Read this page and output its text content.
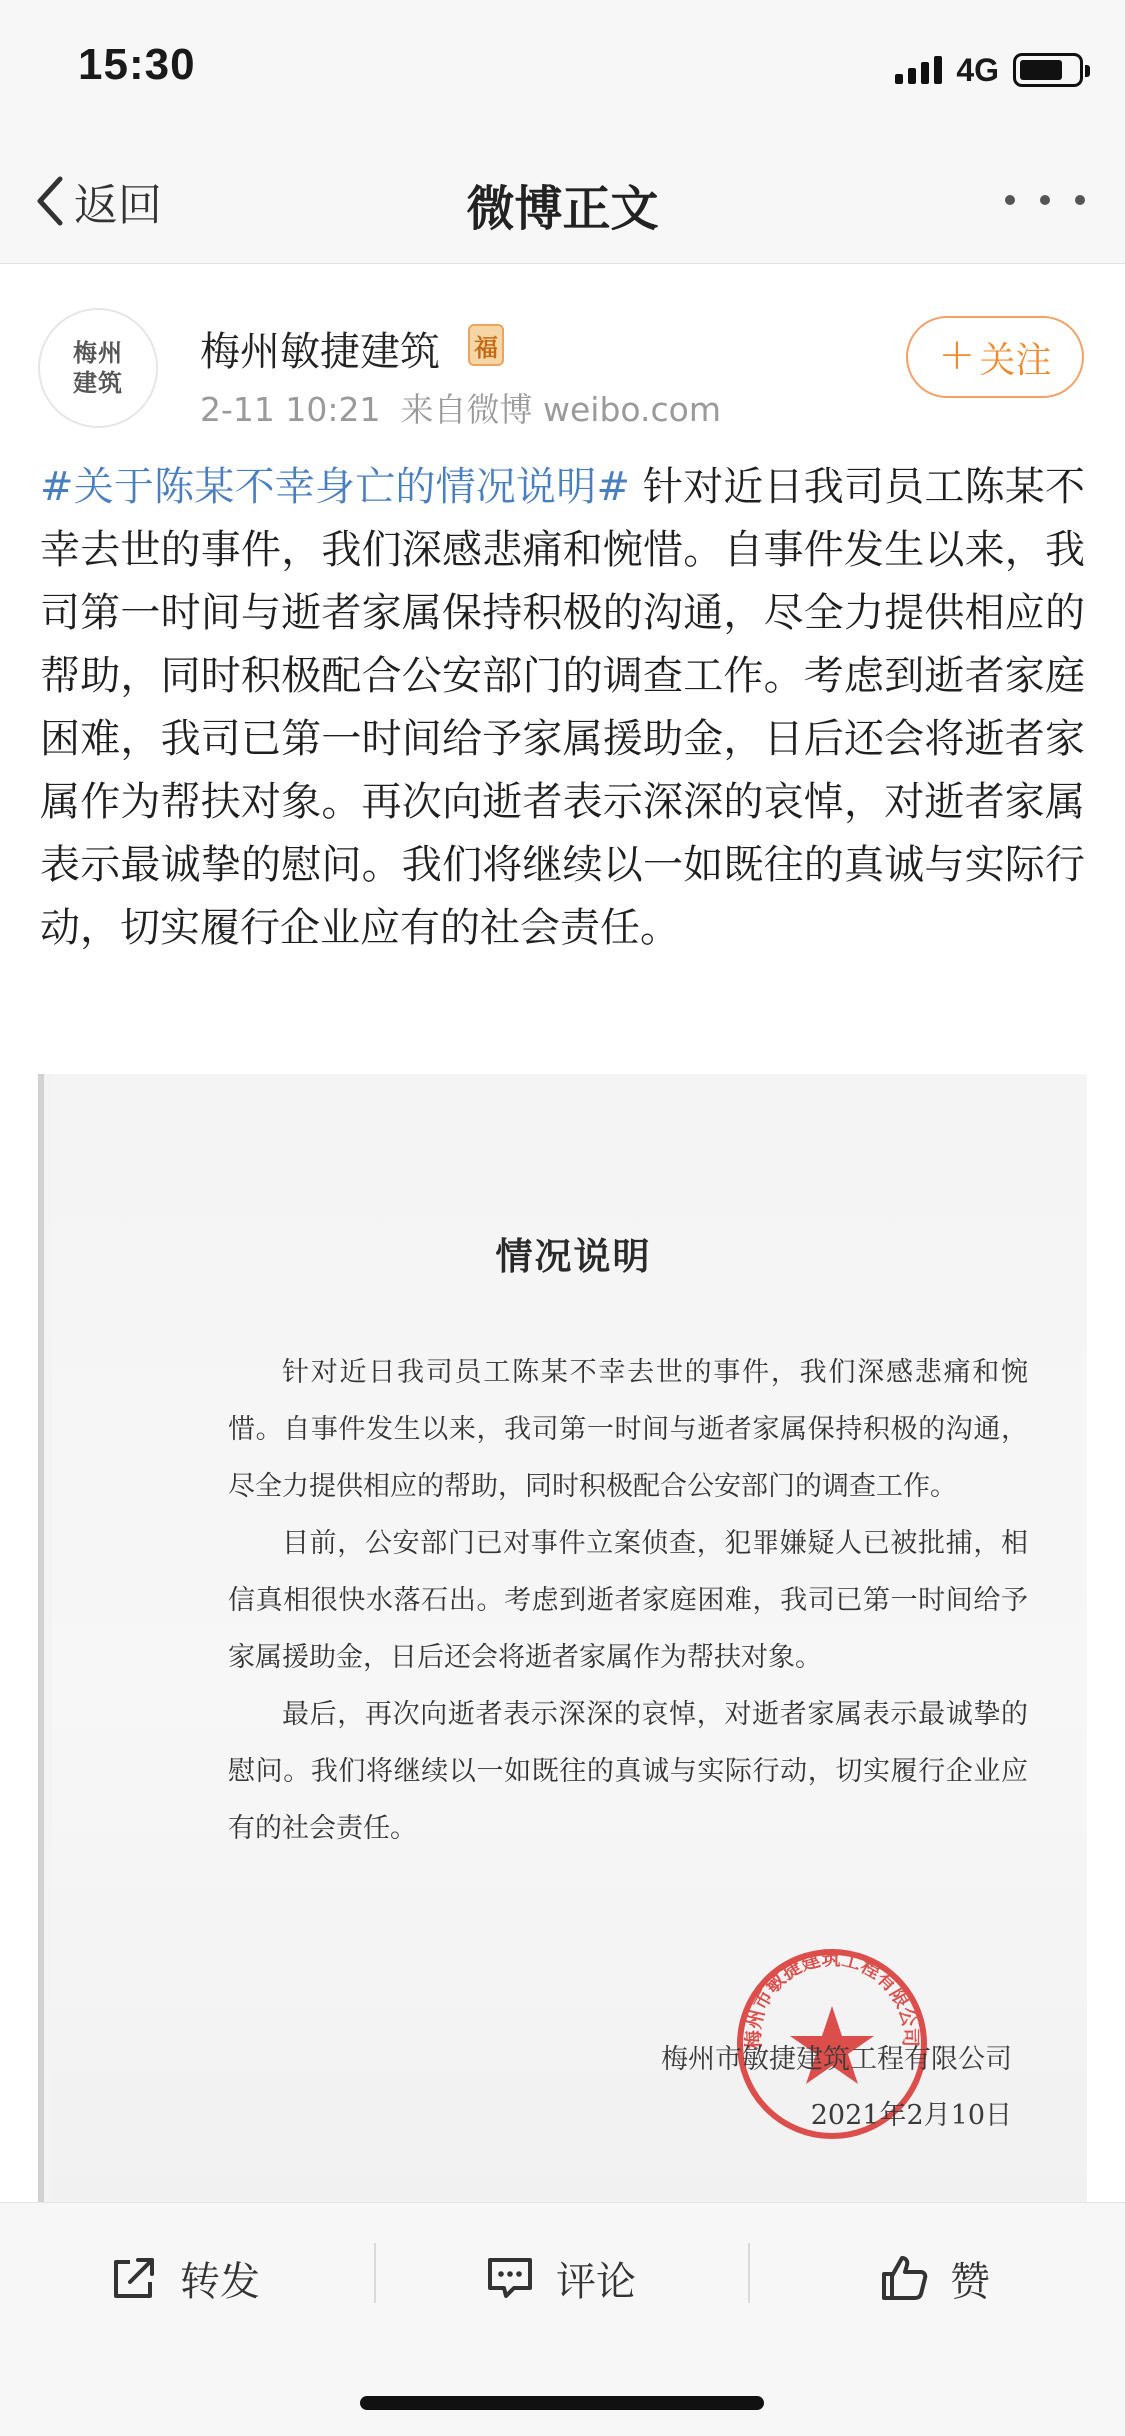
15:30	4G
返回	微博正文
梅州
建筑
梅州敏捷建筑 福
2-11 10:21 来自微博 weibo.com
+ 关注
#关于陈某不幸身亡的情况说明# 针对近日我司员工陈某不幸去世的事件，我们深感悲痛和惋惜。自事件发生以来，我司第一时间与逝者家属保持积极的沟通，尽全力提供相应的帮助，同时积极配合公安部门的调查工作。考虑到逝者家庭困难，我司已第一时间给予家属援助金，日后还会将逝者家属作为帮扶对象。再次向逝者表示深深的哀悼，对逝者家属表示最诚挚的慰问。我们将继续以一如既往的真诚与实际行动，切实履行企业应有的社会责任。
情况说明

针对近日我司员工陈某不幸去世的事件，我们深感悲痛和惋惜。自事件发生以来，我司第一时间与逝者家属保持积极的沟通，尽全力提供相应的帮助，同时积极配合公安部门的调查工作。

目前，公安部门已对事件立案侦查，犯罪嫌疑人已被批捕，相信真相很快水落石出。考虑到逝者家庭困难，我司已第一时间给予家属援助金，日后还会将逝者家属作为帮扶对象。

最后，再次向逝者表示深深的哀悼，对逝者家属表示最诚挚的慰问。我们将继续以一如既往的真诚与实际行动，切实履行企业应有的社会责任。

梅州市敏捷建筑工程有限公司
梅州市敏捷建筑工程有限公司
2021年2月10日
转发	评论	赞
